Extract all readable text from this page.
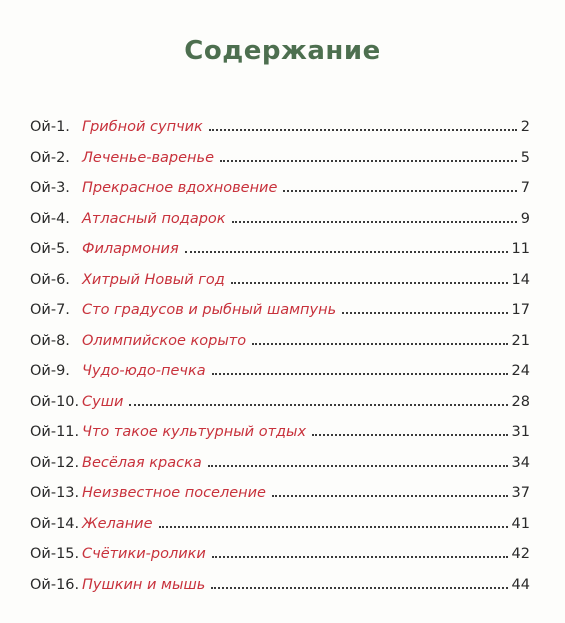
Содержание
Ой-1. Грибной супчик	2
Ой-2. Леченье-варенье	5
Ой-3. Прекрасное вдохновение	7
Ой-4. Атласный подарок	9
Ой-5. Филармония	11
Ой-6. Хитрый Новый год	14
Ой-7. Сто градусов и рыбный шампунь	17
Ой-8. Олимпийское корыто	21
Ой-9. Чудо-юдо-печка	24
Ой-10. Суши	28
Ой-11. Что такое культурный отдых	31
Ой-12. Весёлая краска	34
Ой-13. Неизвестное поселение	37
Ой-14. Желание	41
Ой-15. Счётики-ролики	42
Ой-16. Пушкин и мышь	44
